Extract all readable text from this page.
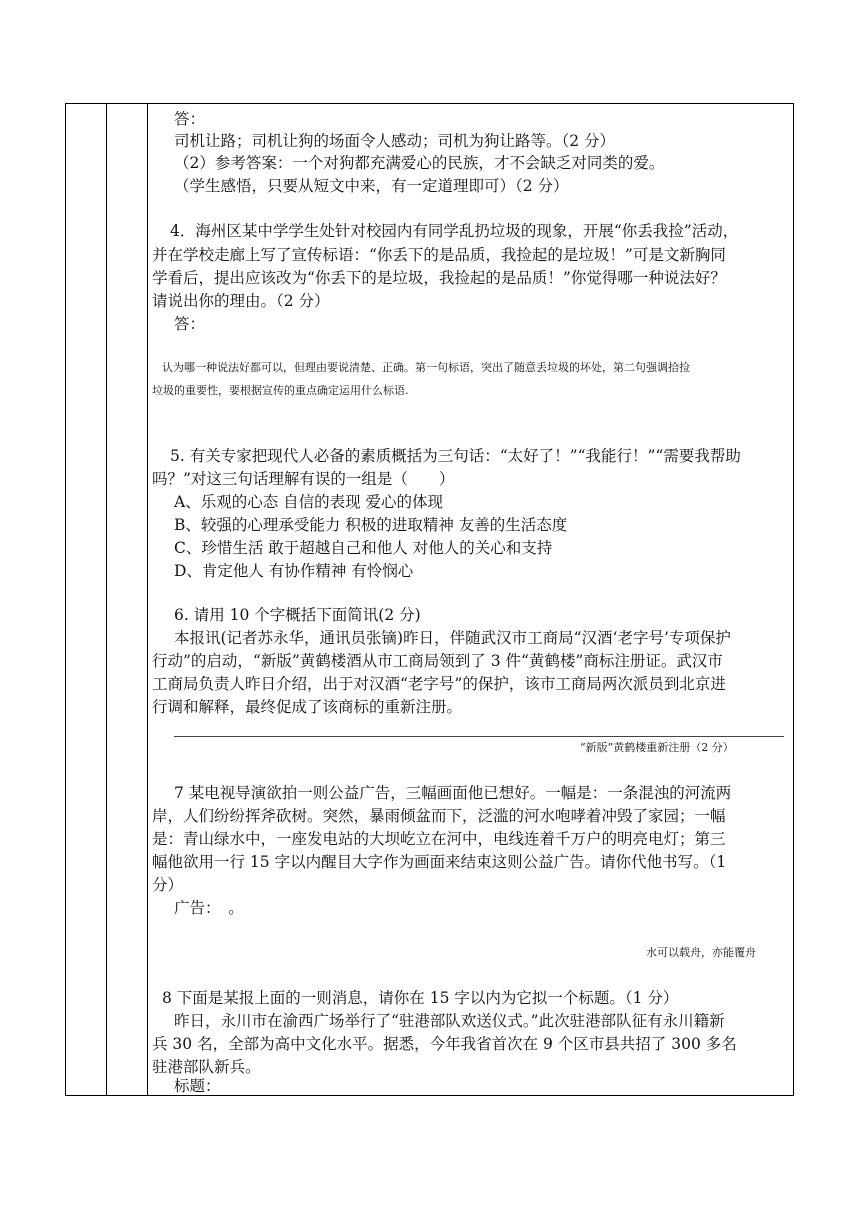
答：
司机让路；司机让狗的场面令人感动；司机为狗让路等。（2 分）
（2）参考答案：一个对狗都充满爱心的民族，才不会缺乏对同类的爱。
（学生感悟，只要从短文中来，有一定道理即可）（2 分）
4．海州区某中学学生处针对校园内有同学乱扔垃圾的现象，开展“你丢我捡”活动，
并在学校走廊上写了宣传标语：“你丢下的是品质，我捡起的是垃圾！”可是文新胸同
学看后，提出应该改为“你丢下的是垃圾，我捡起的是品质！”你觉得哪一种说法好？
请说出你的理由。（2 分）
答：
认为哪一种说法好都可以，但理由要说清楚、正确。第一句标语，突出了随意丢垃圾的坏处，第二句强调拾捡
垃圾的重要性，要根据宣传的重点确定运用什么标语.
5. 有关专家把现代人必备的素质概括为三句话：“太好了！”“我能行！”“需要我帮助
吗？”对这三句话理解有误的一组是（　　）
A、乐观的心态 自信的表现 爱心的体现
B、较强的心理承受能力 积极的进取精神 友善的生活态度
C、珍惜生活 敢于超越自己和他人 对他人的关心和支持
D、肯定他人 有协作精神 有怜悯心
6. 请用 10 个字概括下面简讯(2 分)
本报讯(记者苏永华，通讯员张镝)昨日，伴随武汉市工商局“汉酒‘老字号’专项保护
行动”的启动，“新版”黄鹤楼酒从市工商局领到了 3 件“黄鹤楼”商标注册证。武汉市
工商局负责人昨日介绍，出于对汉酒“老字号”的保护，该市工商局两次派员到北京进
行调和解释，最终促成了该商标的重新注册。
“新版”黄鹤楼重新注册（2 分）
7 某电视导演欲拍一则公益广告，三幅画面他已想好。一幅是：一条混浊的河流两
岸，人们纷纷挥斧砍树。突然，暴雨倾盆而下，泛滥的河水咆哮着冲毁了家园；一幅
是：青山绿水中，一座发电站的大坝屹立在河中，电线连着千万户的明亮电灯；第三
幅他欲用一行 15 字以内醒目大字作为画面来结束这则公益广告。请你代他书写。（1
分）
广告：　。
水可以载舟，亦能覆舟
8 下面是某报上面的一则消息，请你在 15 字以内为它拟一个标题。（1 分）
昨日，永川市在渝西广场举行了“驻港部队欢送仪式。”此次驻港部队征有永川籍新
兵 30 名，全部为高中文化水平。据悉，今年我省首次在 9 个区市县共招了 300 多名
驻港部队新兵。
标题：
